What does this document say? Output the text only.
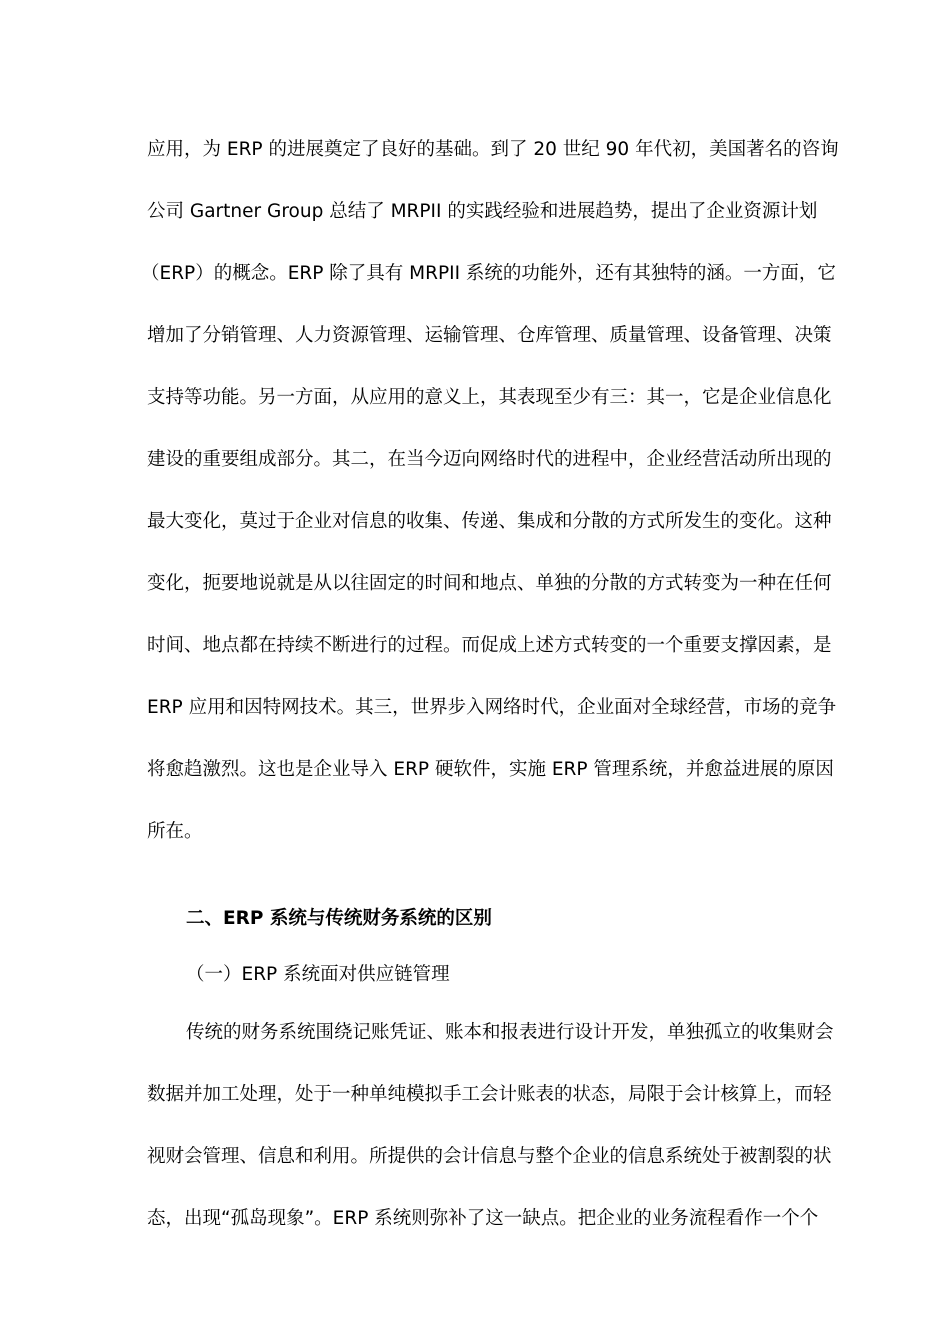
应用，为 ERP 的进展奠定了良好的基础。到了 20 世纪 90 年代初，美国著名的咨询
公司 Gartner Group 总结了 MRPII 的实践经验和进展趋势，提出了企业资源计划
（ERP）的概念。ERP 除了具有 MRPII 系统的功能外，还有其独特的涵。一方面，它
增加了分销管理、人力资源管理、运输管理、仓库管理、质量管理、设备管理、决策
支持等功能。另一方面，从应用的意义上，其表现至少有三：其一，它是企业信息化
建设的重要组成部分。其二，在当今迈向网络时代的进程中，企业经营活动所出现的
最大变化，莫过于企业对信息的收集、传递、集成和分散的方式所发生的变化。这种
变化，扼要地说就是从以往固定的时间和地点、单独的分散的方式转变为一种在任何
时间、地点都在持续不断进行的过程。而促成上述方式转变的一个重要支撑因素，是
ERP 应用和因特网技术。其三，世界步入网络时代，企业面对全球经营，市场的竞争
将愈趋激烈。这也是企业导入 ERP 硬软件，实施 ERP 管理系统，并愈益进展的原因
所在。
二、ERP 系统与传统财务系统的区别
（一）ERP 系统面对供应链管理
传统的财务系统围绕记账凭证、账本和报表进行设计开发，单独孤立的收集财会
数据并加工处理，处于一种单纯模拟手工会计账表的状态，局限于会计核算上，而轻
视财会管理、信息和利用。所提供的会计信息与整个企业的信息系统处于被割裂的状
态，出现“孤岛现象”。ERP 系统则弥补了这一缺点。把企业的业务流程看作一个个
